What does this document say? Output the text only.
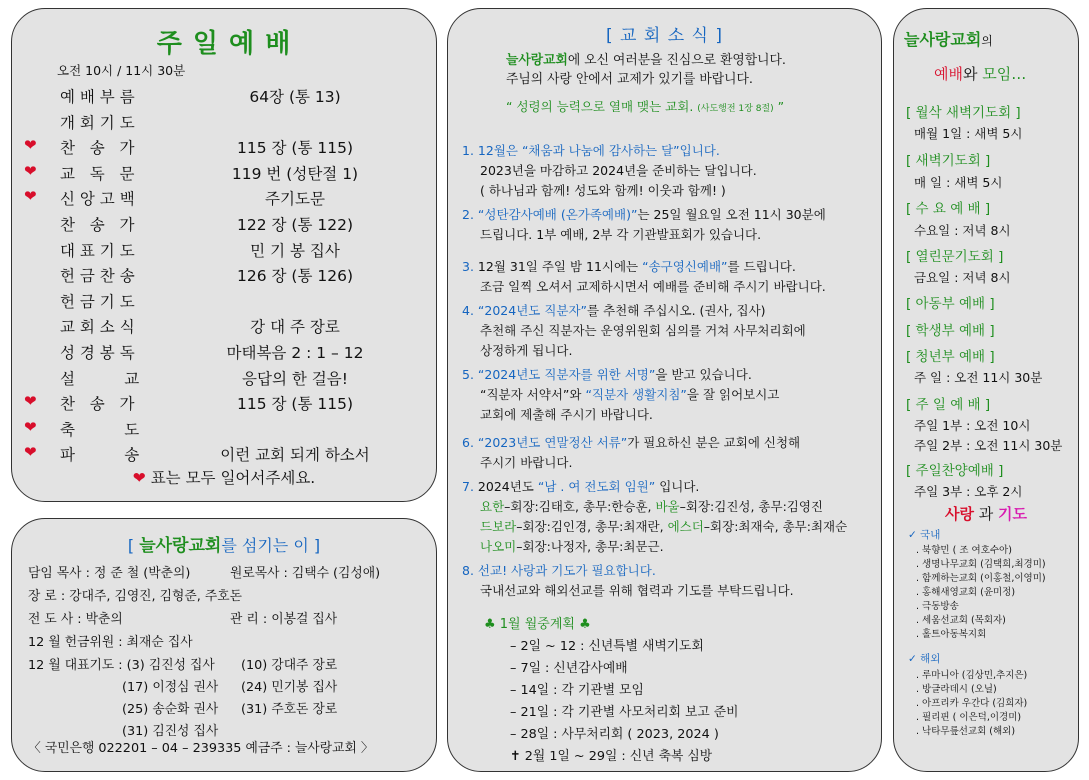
주 일 예 배
오전 10시 / 11시 30분
예 배 부 름	64장 (통 13)
개 회 기 도
❤ 찬   송   가	115 장 (통 115)
❤ 교   독   문	119 번 (성탄절 1)
❤ 신 앙 고 백	주기도문
찬   송   가	122 장 (통 122)
대 표 기 도	민 기 봉 집사
헌 금 찬 송	126 장 (통 126)
헌 금 기 도
교 회 소 식	강 대 주 장로
성 경 봉 독	마태복음 2 : 1 – 12
설          교	응답의 한 걸음!
❤ 찬   송   가	115 장 (통 115)
❤ 축          도
❤ 파          송	이런 교회 되게 하소서
❤ 표는 모두 일어서주세요.
[ 늘사랑교회를 섬기는 이 ]
담임 목사 : 정 준 철 (박춘의)	원로목사 : 김택수 (김성애)
장 로 : 강대주, 김영진, 김형준, 주호돈
전 도 사 : 박춘의	관 리 : 이봉걸 집사
12 월 헌금위원 : 최재순 집사
12 월 대표기도 : (3) 김진성 집사 (10) 강대주 장로
(17) 이정심 권사 (24) 민기봉 집사
(25) 송순화 권사 (31) 주호돈 장로
(31) 김진성 집사
〈 국민은행 022201 – 04 – 239335 예금주 : 늘사랑교회 〉
[ 교 회 소 식 ]
늘사랑교회에 오신 여러분을 진심으로 환영합니다.
주님의 사랑 안에서 교제가 있기를 바랍니다.
“ 성령의 능력으로 열매 맺는 교회. (사도행전 1장 8절) ”
1. 12월은 “채움과 나눔에 감사하는 달”입니다.
2023년을 마감하고 2024년을 준비하는 달입니다.
( 하나님과 함께! 성도와 함께! 이웃과 함께! )
2. “성탄감사예배 (온가족예배)”는 25일 월요일 오전 11시 30분에
드립니다. 1부 예배, 2부 각 기관발표회가 있습니다.
3. 12월 31일 주일 밤 11시에는 “송구영신예배”를 드립니다.
조금 일찍 오셔서 교제하시면서 예배를 준비해 주시기 바랍니다.
4. “2024년도 직분자”를 추천해 주십시오. (권사, 집사)
추천해 주신 직분자는 운영위원회 심의를 거쳐 사무처리회에
상정하게 됩니다.
5. “2024년도 직분자를 위한 서명”을 받고 있습니다.
“직분자 서약서”와 “직분자 생활지침”을 잘 읽어보시고
교회에 제출해 주시기 바랍니다.
6. “2023년도 연말정산 서류”가 필요하신 분은 교회에 신청해
주시기 바랍니다.
7. 2024년도 “남 . 여 전도회 임원” 입니다.
요한–회장:김태호, 총무:한승훈, 바울–회장:김진성, 총무:김영진
드보라–회장:김인경, 총무:최재란, 에스더–회장:최재숙, 총무:최재순
나오미–회장:나정자, 총무:최문근.
8. 선교! 사랑과 기도가 필요합니다.
국내선교와 해외선교를 위해 협력과 기도를 부탁드립니다.
♣ 1월 월중계획 ♣
– 2일 ~ 12 : 신년특별 새벽기도회
– 7일 : 신년감사예배
– 14일 : 각 기관별 모임
– 21일 : 각 기관별 사모처리회 보고 준비
– 28일 : 사무처리회 ( 2023, 2024 )
✝ 2월 1일 ~ 29일 : 신년 축복 심방
늘사랑교회의
예배와 모임…
[ 월삭 새벽기도회 ]
매월 1일 : 새벽 5시
[ 새벽기도회 ]
매 일 : 새벽 5시
[ 수 요 예 배 ]
수요일 : 저녁 8시
[ 열린문기도회 ]
금요일 : 저녁 8시
[ 아동부 예배 ]
[ 학생부 예배 ]
[ 청년부 예배 ]
주 일 : 오전 11시 30분
[ 주 일 예 배 ]
주일 1부 : 오전 10시
주일 2부 : 오전 11시 30분
[ 주일찬양예배 ]
주일 3부 : 오후 2시
사랑 과 기도
✓ 국내
. 북향민 ( 조 여호수아)
. 생명나무교회 (김택희,최경미)
. 함께하는교회 (이홍철,이영미)
. 홍해새영교회 (윤미정)
. 극동방송
. 세움선교회 (목회자)
. 홀트아동복지회
✓ 해외
. 루마니아 (김상민,추지은)
. 방글라데시 (오닐)
. 아프리카 우간다 (김희자)
. 필리핀 ( 이은덕,이경미)
. 낙타무릎선교회 (해외)
